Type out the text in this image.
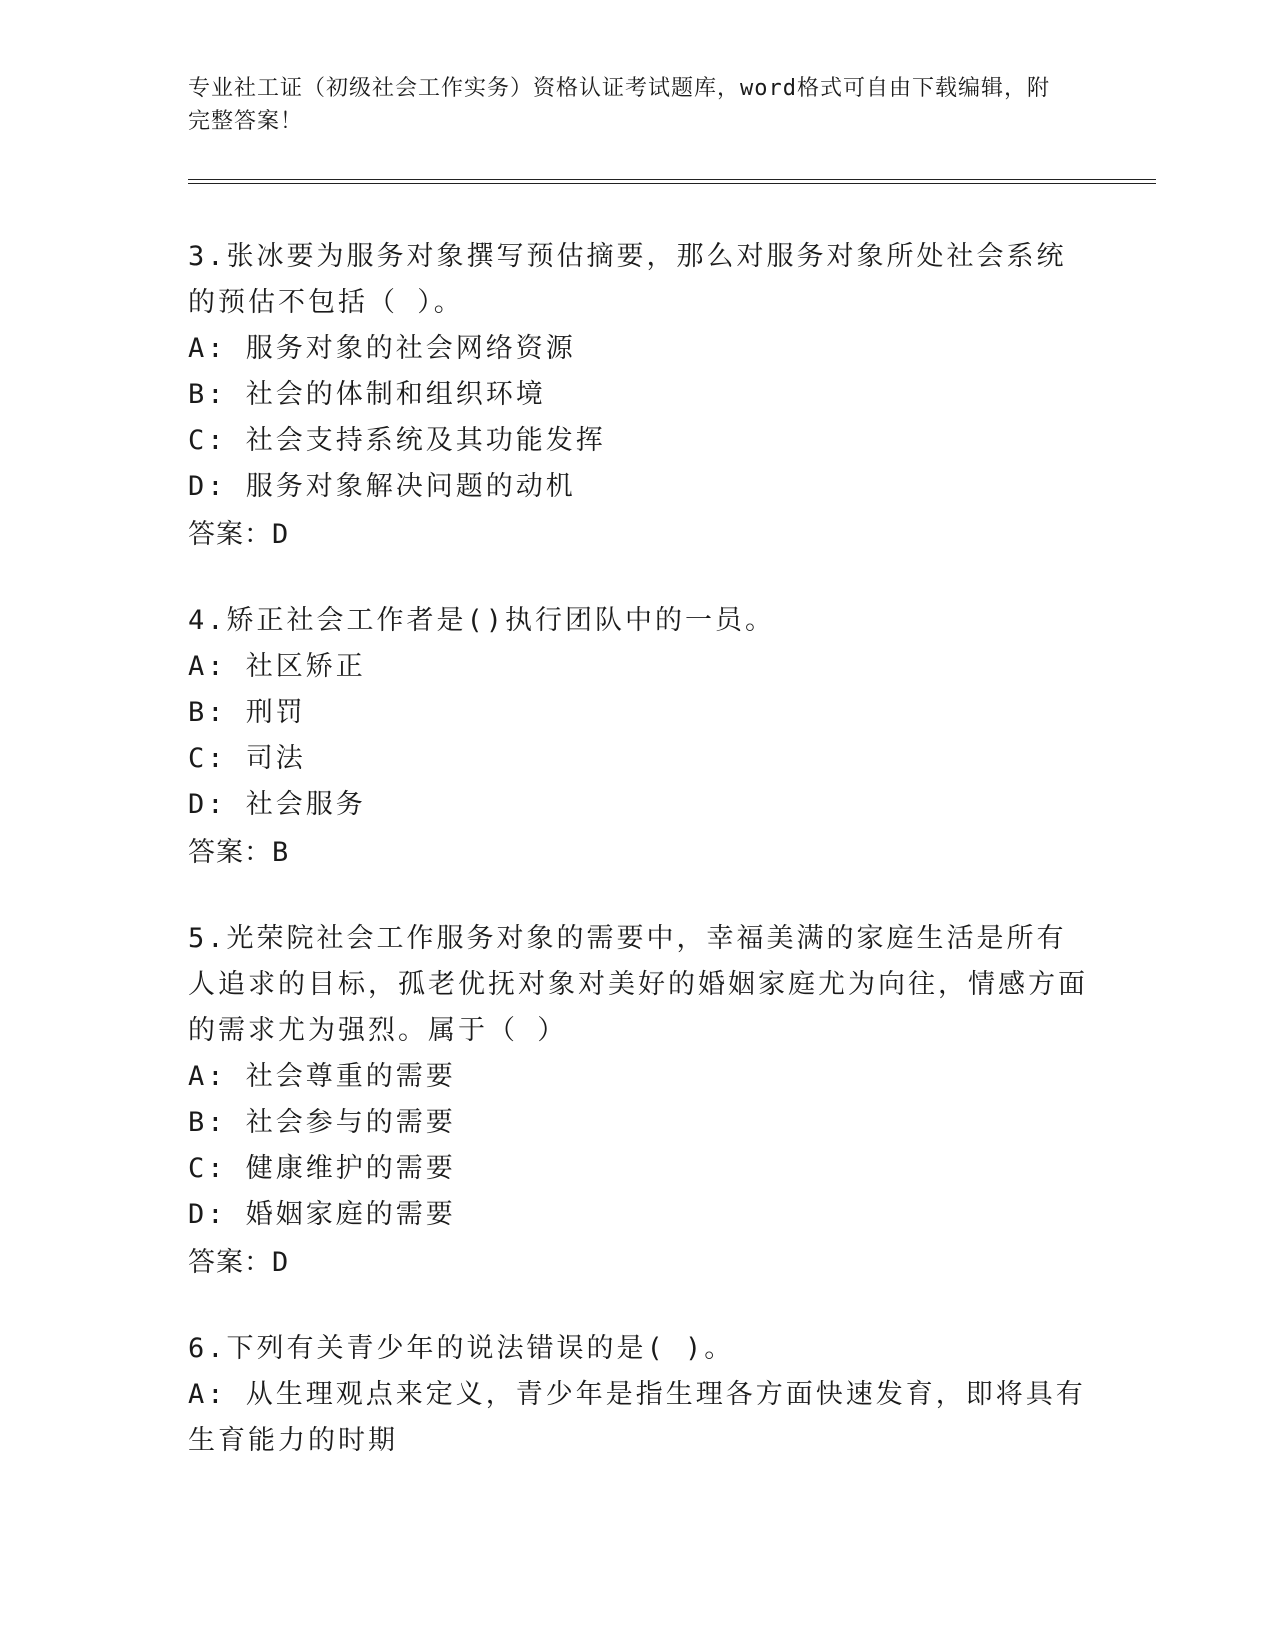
专业社工证（初级社会工作实务）资格认证考试题库，word格式可自由下载编辑，附完整答案！
3.张冰要为服务对象撰写预估摘要，那么对服务对象所处社会系统的预估不包括（ ）。
A: 服务对象的社会网络资源
B: 社会的体制和组织环境
C: 社会支持系统及其功能发挥
D: 服务对象解决问题的动机
答案：D
4.矫正社会工作者是()执行团队中的一员。
A: 社区矫正
B: 刑罚
C: 司法
D: 社会服务
答案：B
5.光荣院社会工作服务对象的需要中，幸福美满的家庭生活是所有人追求的目标，孤老优抚对象对美好的婚姻家庭尤为向往，情感方面的需求尤为强烈。属于（ ）
A: 社会尊重的需要
B: 社会参与的需要
C: 健康维护的需要
D: 婚姻家庭的需要
答案：D
6.下列有关青少年的说法错误的是( )。
A: 从生理观点来定义，青少年是指生理各方面快速发育，即将具有生育能力的时期
